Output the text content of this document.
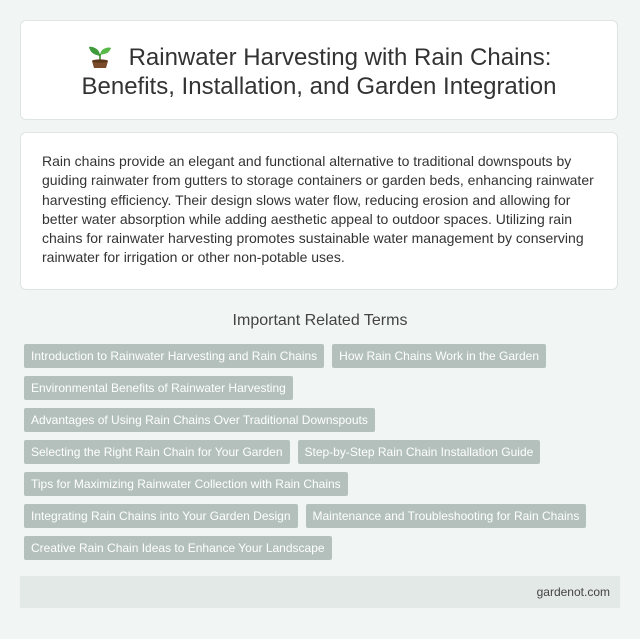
Rainwater Harvesting with Rain Chains:
Benefits, Installation, and Garden Integration

Rain chains provide an elegant and functional alternative to traditional downspouts by guiding rainwater from gutters to storage containers or garden beds, enhancing rainwater harvesting efficiency. Their design slows water flow, reducing erosion and allowing for better water absorption while adding aesthetic appeal to outdoor spaces. Utilizing rain chains for rainwater harvesting promotes sustainable water management by conserving rainwater for irrigation or other non-potable uses.

Important Related Terms
Introduction to Rainwater Harvesting and Rain Chains	How Rain Chains Work in the Garden
Environmental Benefits of Rainwater Harvesting
Advantages of Using Rain Chains Over Traditional Downspouts
Selecting the Right Rain Chain for Your Garden	Step-by-Step Rain Chain Installation Guide
Tips for Maximizing Rainwater Collection with Rain Chains
Integrating Rain Chains into Your Garden Design	Maintenance and Troubleshooting for Rain Chains
Creative Rain Chain Ideas to Enhance Your Landscape
gardenot.com
